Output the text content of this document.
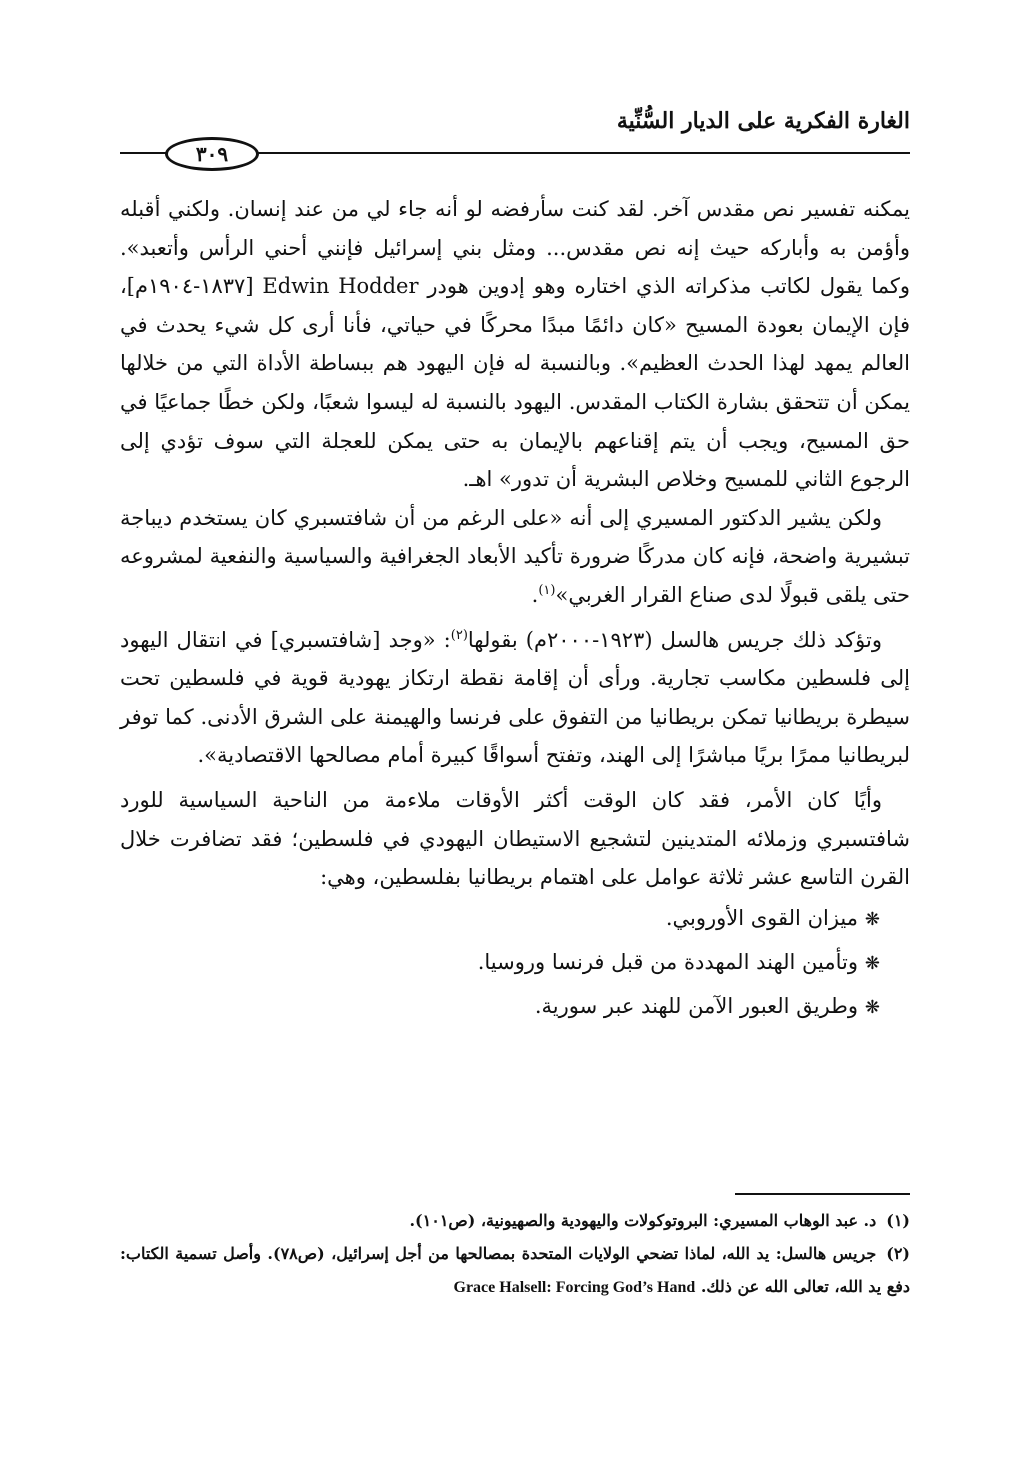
الغارة الفكرية على الديار السُّنِّية
٣٠٩

يمكنه تفسير نص مقدس آخر. لقد كنت سأرفضه لو أنه جاء لي من عند إنسان. ولكني أقبله وأؤمن به وأباركه حيث إنه نص مقدس... ومثل بني إسرائيل فإنني أحني الرأس وأتعبد». وكما يقول لكاتب مذكراته الذي اختاره وهو إدوين هودر Edwin Hodder [١٨٣٧-١٩٠٤م]، فإن الإيمان بعودة المسيح «كان دائمًا مبدًا محركًا في حياتي، فأنا أرى كل شيء يحدث في العالم يمهد لهذا الحدث العظيم». وبالنسبة له فإن اليهود هم ببساطة الأداة التي من خلالها يمكن أن تتحقق بشارة الكتاب المقدس. اليهود بالنسبة له ليسوا شعبًا، ولكن خطًا جماعيًا في حق المسيح، ويجب أن يتم إقناعهم بالإيمان به حتى يمكن للعجلة التي سوف تؤدي إلى الرجوع الثاني للمسيح وخلاص البشرية أن تدور» اهـ.

ولكن يشير الدكتور المسيري إلى أنه «على الرغم من أن شافتسبري كان يستخدم ديباجة تبشيرية واضحة، فإنه كان مدركًا ضرورة تأكيد الأبعاد الجغرافية والسياسية والنفعية لمشروعه حتى يلقى قبولًا لدى صناع القرار الغربي»$^{(١)}$.

وتؤكد ذلك جريس هالسل (١٩٢٣-٢٠٠٠م) بقولها$^{(٢)}$: «وجد [شافتسبري] في انتقال اليهود إلى فلسطين مكاسب تجارية. ورأى أن إقامة نقطة ارتكاز يهودية قوية في فلسطين تحت سيطرة بريطانيا تمكن بريطانيا من التفوق على فرنسا والهيمنة على الشرق الأدنى. كما توفر لبريطانيا ممرًا بريًا مباشرًا إلى الهند، وتفتح أسواقًا كبيرة أمام مصالحها الاقتصادية».

وأيًا كان الأمر، فقد كان الوقت أكثر الأوقات ملاءمة من الناحية السياسية للورد شافتسبري وزملائه المتدينين لتشجيع الاستيطان اليهودي في فلسطين؛ فقد تضافرت خلال القرن التاسع عشر ثلاثة عوامل على اهتمام بريطانيا بفلسطين، وهي:

❋ميزان القوى الأوروبي.
❋وتأمين الهند المهددة من قبل فرنسا وروسيا.
❋وطريق العبور الآمن للهند عبر سورية.

(١)د. عبد الوهاب المسيري: البروتوكولات واليهودية والصهيونية، (ص١٠١).

(٢)جريس هالسل: يد الله، لماذا تضحي الولايات المتحدة بمصالحها من أجل إسرائيل، (ص٧٨). وأصل تسمية الكتاب: دفع يد الله، تعالى الله عن ذلك. Grace Halsell: Forcing God’s Hand
